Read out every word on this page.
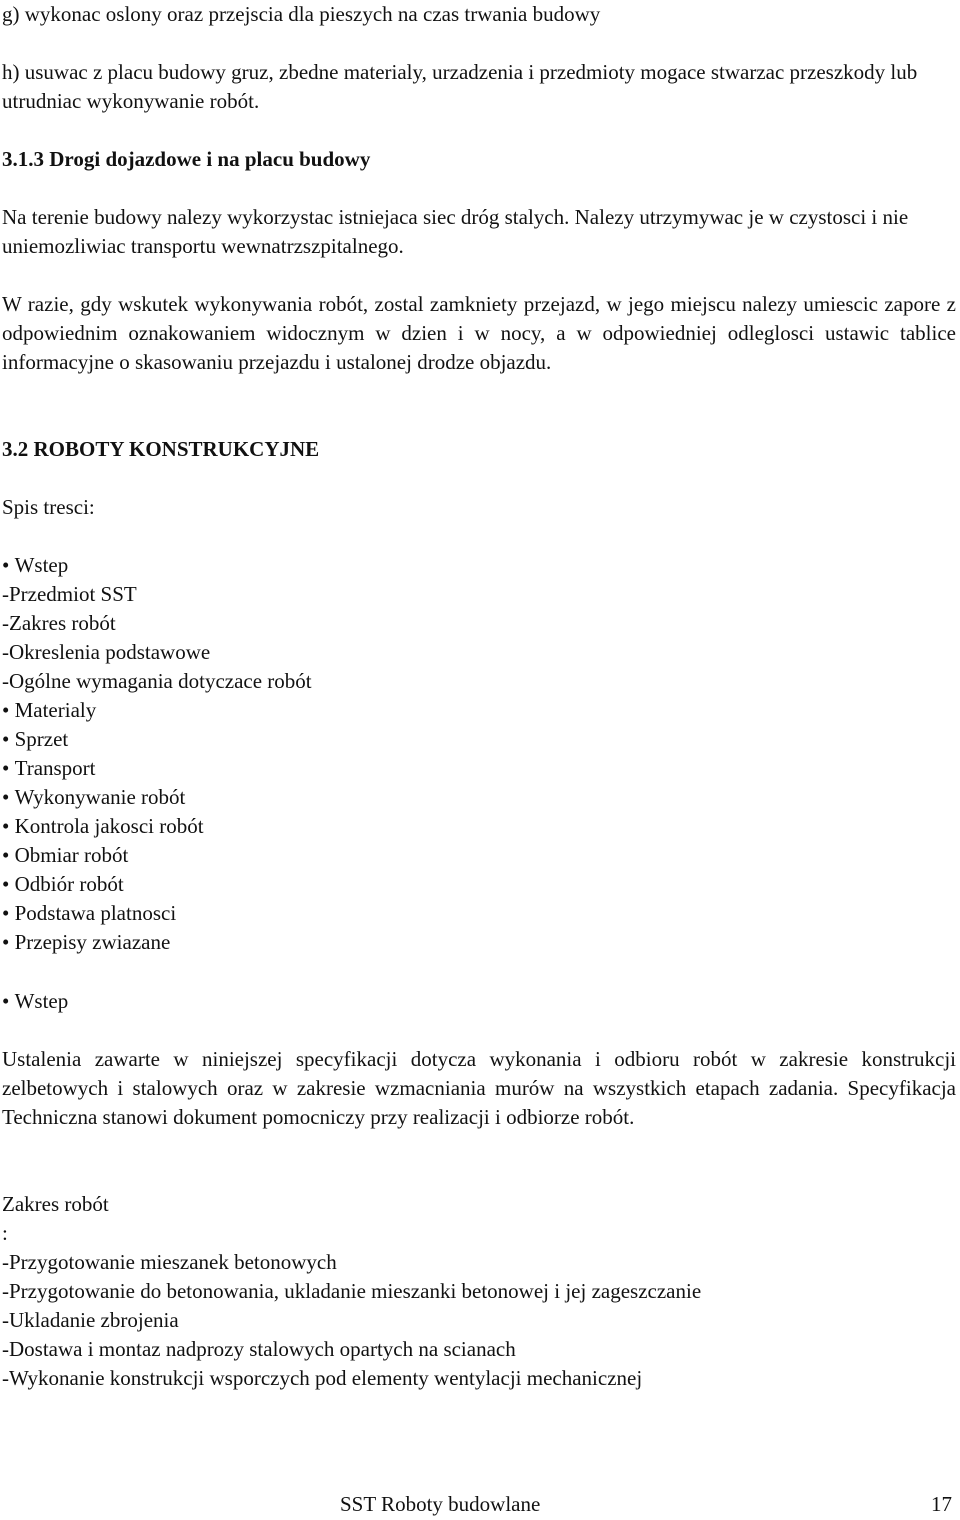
g) wykonac oslony oraz przejscia dla pieszych na czas trwania budowy

h) usuwac z placu budowy gruz, zbedne materialy, urzadzenia i przedmioty mogace stwarzac przeszkody lub utrudniac wykonywanie robót.

3.1.3 Drogi dojazdowe i na placu budowy

Na terenie budowy nalezy wykorzystac istniejaca siec dróg stalych. Nalezy utrzymywac je w czystosci i nie uniemozliwiac transportu wewnatrzszpitalnego.

W razie, gdy wskutek wykonywania robót, zostal zamkniety przejazd, w jego miejscu nalezy umiescic zapore z odpowiednim oznakowaniem widocznym w dzien i w nocy, a w odpowiedniej odleglosci ustawic tablice informacyjne o skasowaniu przejazdu i ustalonej drodze objazdu.

3.2 ROBOTY KONSTRUKCYJNE

Spis tresci:

• Wstep
-Przedmiot SST
-Zakres robót
-Okreslenia podstawowe
-Ogólne wymagania dotyczace robót
• Materialy
• Sprzet
• Transport
• Wykonywanie robót
• Kontrola jakosci robót
• Obmiar robót
• Odbiór robót
• Podstawa platnosci
• Przepisy zwiazane

• Wstep

Ustalenia zawarte w niniejszej specyfikacji dotycza wykonania i odbioru robót w zakresie konstrukcji zelbetowych i stalowych oraz w zakresie wzmacniania murów na wszystkich etapach zadania. Specyfikacja Techniczna stanowi dokument pomocniczy przy realizacji i odbiorze robót.

Zakres robót

:

-Przygotowanie mieszanek betonowych
-Przygotowanie do betonowania, ukladanie mieszanki betonowej i jej zageszczanie
-Ukladanie zbrojenia
-Dostawa i montaz nadprozy stalowych opartych na scianach
-Wykonanie konstrukcji wsporczych pod elementy wentylacji mechanicznej
SST Roboty budowlane	17
